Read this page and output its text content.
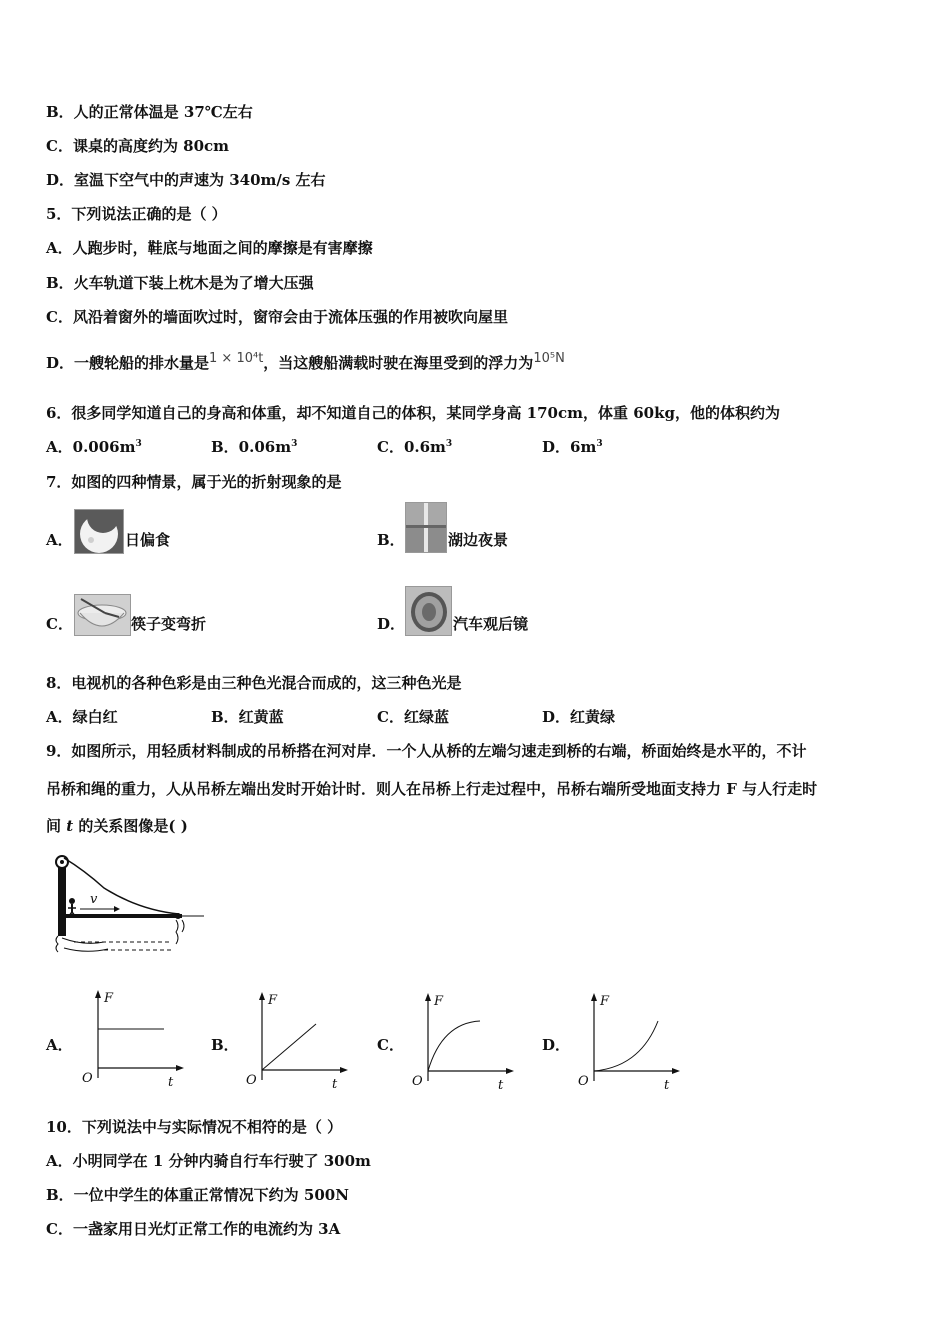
B．人的正常体温是 37℃左右
C．课桌的高度约为 80cm
D．室温下空气中的声速为 340m/s 左右
5．下列说法正确的是（ ）
A．人跑步时，鞋底与地面之间的摩擦是有害摩擦
B．火车轨道下装上枕木是为了增大压强
C．风沿着窗外的墙面吹过时，窗帘会由于流体压强的作用被吹向屋里
D．一艘轮船的排水量是1 × 10⁴t，当这艘船满载时驶在海里受到的浮力为10⁵N
6．很多同学知道自己的身高和体重，却不知道自己的体积，某同学身高 170cm，体重 60kg，他的体积约为
A．$0.006m^3$	B．$0.06m^3$	C．$0.6m^3$	D．$6m^3$
7．如图的四种情景，属于光的折射现象的是
A．	日偏食	B．	湖边夜景
C．	筷子变弯折	D．	汽车观后镜
8．电视机的各种色彩是由三种色光混合而成的，这三种色光是
A．绿白红	B．红黄蓝	C．红绿蓝	D．红黄绿
9．如图所示，用轻质材料制成的吊桥搭在河对岸．一个人从桥的左端匀速走到桥的右端，桥面始终是水平的，不计
吊桥和绳的重力，人从吊桥左端出发时开始计时．则人在吊桥上行走过程中，吊桥右端所受地面支持力 F 与人行走时
间 t 的关系图像是( )
v
A．
F
O	t
B．
F
O	t
C．
F
O	t
D．
F
O	t
10．下列说法中与实际情况不相符的是（ ）
A．小明同学在 1 分钟内骑自行车行驶了 300m
B．一位中学生的体重正常情况下约为 500N
C．一盏家用日光灯正常工作的电流约为 3A
